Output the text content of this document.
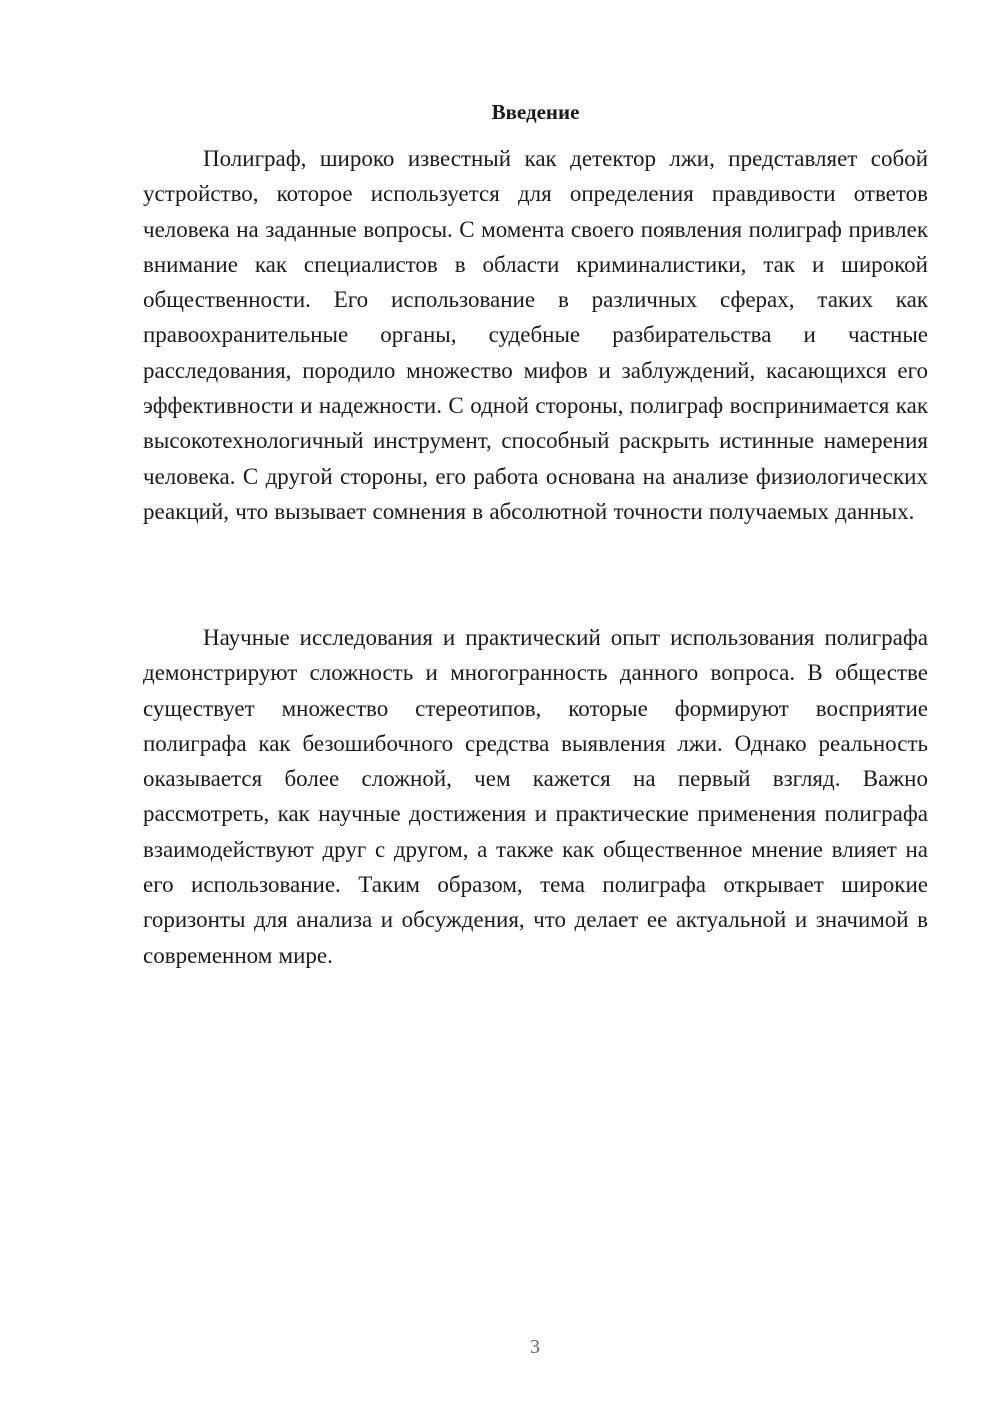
Введение

Полиграф, широко известный как детектор лжи, представляет собой устройство, которое используется для определения правдивости ответов человека на заданные вопросы. С момента своего появления полиграф привлек внимание как специалистов в области криминалистики, так и широкой общественности. Его использование в различных сферах, таких как правоохранительные органы, судебные разбирательства и частные расследования, породило множество мифов и заблуждений, касающихся его эффективности и надежности. С одной стороны, полиграф воспринимается как высокотехнологичный инструмент, способный раскрыть истинные намерения человека. С другой стороны, его работа основана на анализе физиологических реакций, что вызывает сомнения в абсолютной точности получаемых данных.

Научные исследования и практический опыт использования полиграфа демонстрируют сложность и многогранность данного вопроса. В обществе существует множество стереотипов, которые формируют восприятие полиграфа как безошибочного средства выявления лжи. Однако реальность оказывается более сложной, чем кажется на первый взгляд. Важно рассмотреть, как научные достижения и практические применения полиграфа взаимодействуют друг с другом, а также как общественное мнение влияет на его использование. Таким образом, тема полиграфа открывает широкие горизонты для анализа и обсуждения, что делает ее актуальной и значимой в современном мире.

3
